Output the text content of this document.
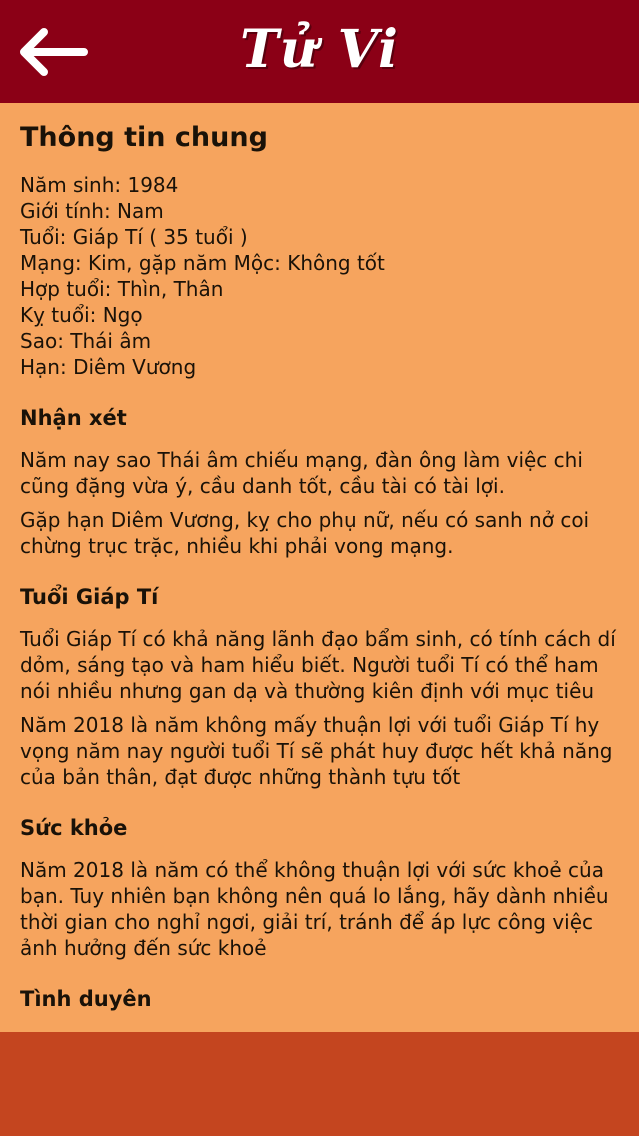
Tử Vi
Thông tin chung
Năm sinh: 1984
Giới tính: Nam
Tuổi: Giáp Tí ( 35 tuổi )
Mạng: Kim, gặp năm Mộc: Không tốt
Hợp tuổi: Thìn, Thân
Kỵ tuổi: Ngọ
Sao: Thái âm
Hạn: Diêm Vương
Nhận xét

Năm nay sao Thái âm chiếu mạng, đàn ông làm việc chi cũng đặng vừa ý, cầu danh tốt, cầu tài có tài lợi.

Gặp hạn Diêm Vương, kỵ cho phụ nữ, nếu có sanh nở coi chừng trục trặc, nhiều khi phải vong mạng.

Tuổi Giáp Tí

Tuổi Giáp Tí có khả năng lãnh đạo bẩm sinh, có tính cách dí dỏm, sáng tạo và ham hiểu biết. Người tuổi Tí có thể ham nói nhiều nhưng gan dạ và thường kiên định với mục tiêu

Năm 2018 là năm không mấy thuận lợi với tuổi Giáp Tí hy vọng năm nay người tuổi Tí sẽ phát huy được hết khả năng của bản thân, đạt được những thành tựu tốt

Sức khỏe

Năm 2018 là năm có thể không thuận lợi với sức khoẻ của bạn. Tuy nhiên bạn không nên quá lo lắng, hãy dành nhiều thời gian cho nghỉ ngơi, giải trí, tránh để áp lực công việc ảnh hưởng đến sức khoẻ

Tình duyên
